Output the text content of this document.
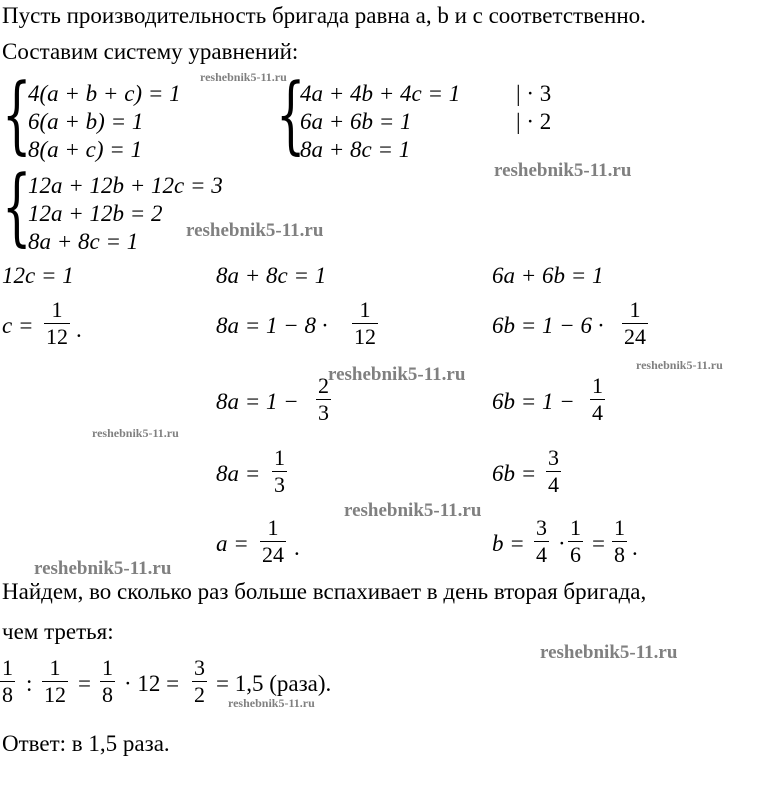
Пусть производительность бригада равна a, b и c соответственно.
Составим систему уравнений:
{
4(a + b + c) = 1
6(a + b) = 1
8(a + c) = 1 {
4a + 4b + 4c = 1
6a + 6b = 1
8a + 8c = 1
| · 3
| · 2
{
12a + 12b + 12c = 3
12a + 12b = 2
8a + 8c = 1
12c = 1
c =
1
12 .
8a + 8c = 1
8a = 1 − 8 ·
1
12
8a = 1 −
2
3
8a =
1
3
a =
1
24 .
6a + 6b = 1
6b = 1 − 6 ·
1
24
6b = 1 −
1
4
6b =
3
4
b =
3
4 ·
1
6 =
1
8 .
Найдем, во сколько раз больше вспахивает в день вторая бригада,
чем третья:
1
8 :
1
12 =
1
8 · 12 =
3
2 = 1,5 (раза).
Ответ: в 1,5 раза.
reshebnik5-11.ru
reshebnik5-11.ru
reshebnik5-11.ru
reshebnik5-11.ru
reshebnik5-11.ru
reshebnik5-11.ru
reshebnik5-11.ru
reshebnik5-11.ru
reshebnik5-11.ru
reshebnik5-11.ru
